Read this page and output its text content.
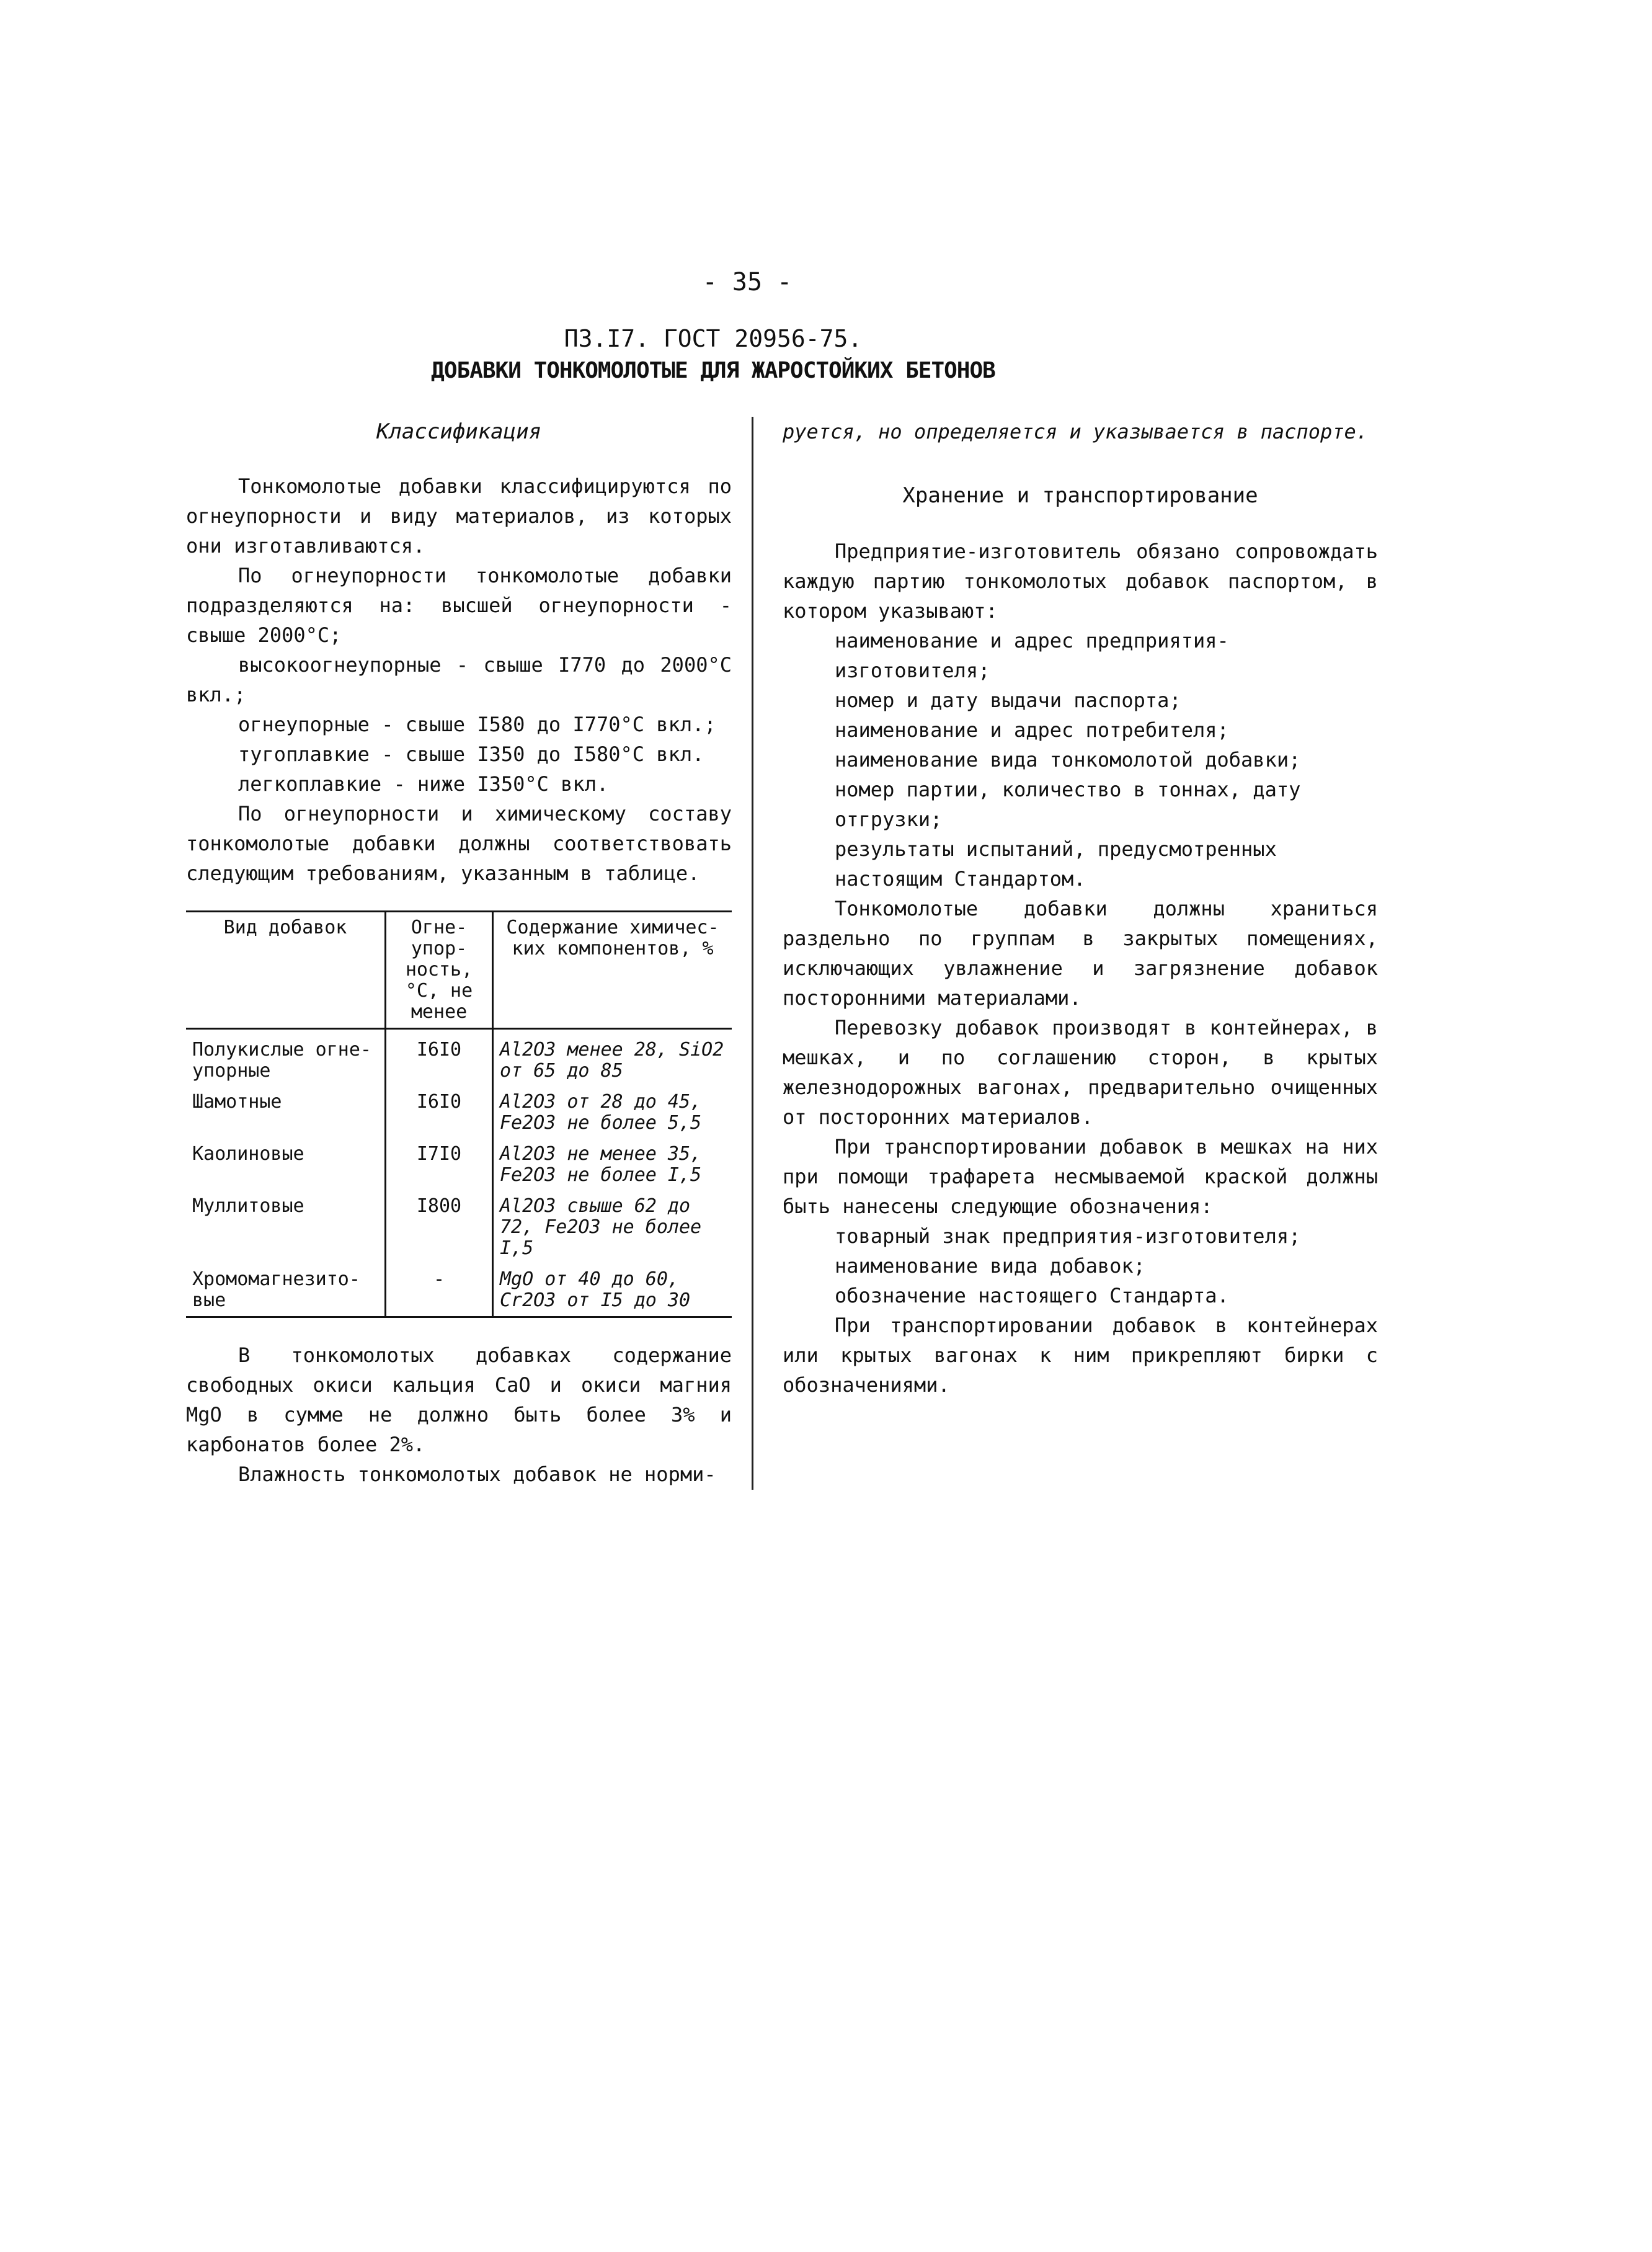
- 35 -
П3.I7. ГОСТ 20956-75.
ДОБАВКИ ТОНКОМОЛОТЫЕ ДЛЯ ЖАРОСТОЙКИХ БЕТОНОВ
Классификация

Тонкомолотые добавки классифицируются по огнеупорности и виду материалов, из которых они изготавливаются.

По огнеупорности тонкомолотые добавки подразделяются на: высшей огнеупорности - свыше 2000°С;

высокоогнеупорные - свыше I770 до 2000°С вкл.;

огнеупорные - свыше I580 до I770°С вкл.;

тугоплавкие - свыше I350 до I580°С вкл.

легкоплавкие - ниже I350°С вкл.

По огнеупорности и химическому составу тонкомолотые добавки должны соответствовать следующим требованиям, указанным в таблице.

Вид добавок	Огне-упор-ность, °С, не менее	Содержание химичес-ких компонентов, %
Полукислые огне-упорные	I6I0	Al2O3 менее 28, SiO2 от 65 до 85
Шамотные	I6I0	Al2O3 от 28 до 45, Fe2O3 не более 5,5
Каолиновые	I7I0	Al2O3 не менее 35, Fe2O3 не более I,5
Муллитовые	I800	Al2O3 свыше 62 до 72, Fe2O3 не более I,5
Хромомагнезито-вые	-	MgO от 40 до 60, Cr2O3 от I5 до 30

В тонкомолотых добавках содержание свободных окиси кальция CaO и окиси магния MgO в сумме не должно быть более 3% и карбонатов более 2%.

Влажность тонкомолотых добавок не норми-

руется, но определяется и указывается в паспорте.

Хранение и транспортирование

Предприятие-изготовитель обязано сопровождать каждую партию тонкомолотых добавок паспортом, в котором указывают:

наименование и адрес предприятия-изготовителя;

номер и дату выдачи паспорта;

наименование и адрес потребителя;

наименование вида тонкомолотой добавки;

номер партии, количество в тоннах, дату отгрузки;

результаты испытаний, предусмотренных настоящим Стандартом.

Тонкомолотые добавки должны храниться раздельно по группам в закрытых помещениях, исключающих увлажнение и загрязнение добавок посторонними материалами.

Перевозку добавок производят в контейнерах, в мешках, и по соглашению сторон, в крытых железнодорожных вагонах, предварительно очищенных от посторонних материалов.

При транспортировании добавок в мешках на них при помощи трафарета несмываемой краской должны быть нанесены следующие обозначения:

товарный знак предприятия-изготовителя;

наименование вида добавок;

обозначение настоящего Стандарта.

При транспортировании добавок в контейнерах или крытых вагонах к ним прикрепляют бирки с обозначениями.
